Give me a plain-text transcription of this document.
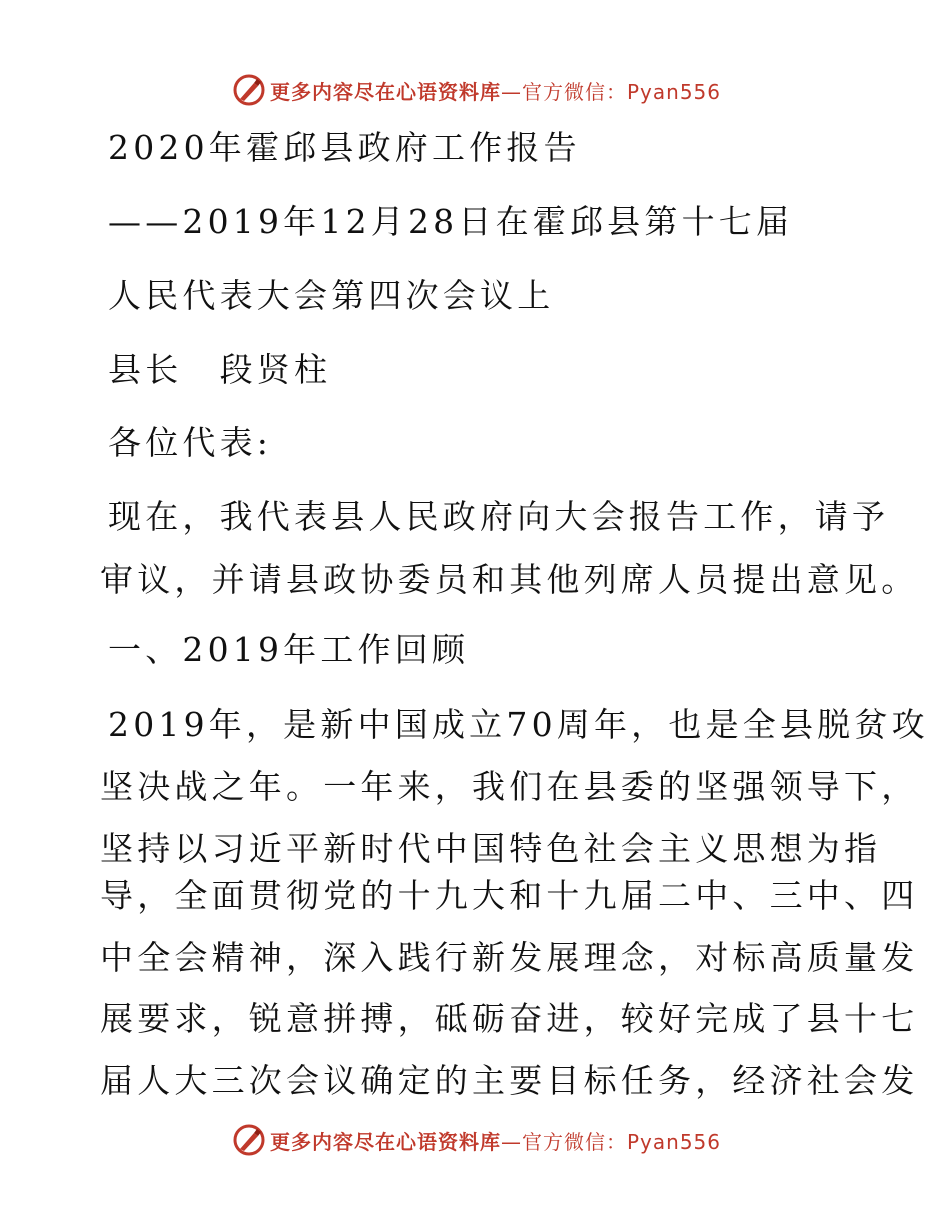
更多内容尽在心语资料库—官方微信：Pyan556
2020年霍邱县政府工作报告
——2019年12月28日在霍邱县第十七届
人民代表大会第四次会议上
县长　段贤柱
各位代表:
现在，我代表县人民政府向大会报告工作，请予
审议，并请县政协委员和其他列席人员提出意见。
一、2019年工作回顾
2019年，是新中国成立70周年，也是全县脱贫攻
坚决战之年。一年来，我们在县委的坚强领导下，
坚持以习近平新时代中国特色社会主义思想为指
导，全面贯彻党的十九大和十九届二中、三中、四
中全会精神，深入践行新发展理念，对标高质量发
展要求，锐意拼搏，砥砺奋进，较好完成了县十七
届人大三次会议确定的主要目标任务，经济社会发
更多内容尽在心语资料库—官方微信：Pyan556
